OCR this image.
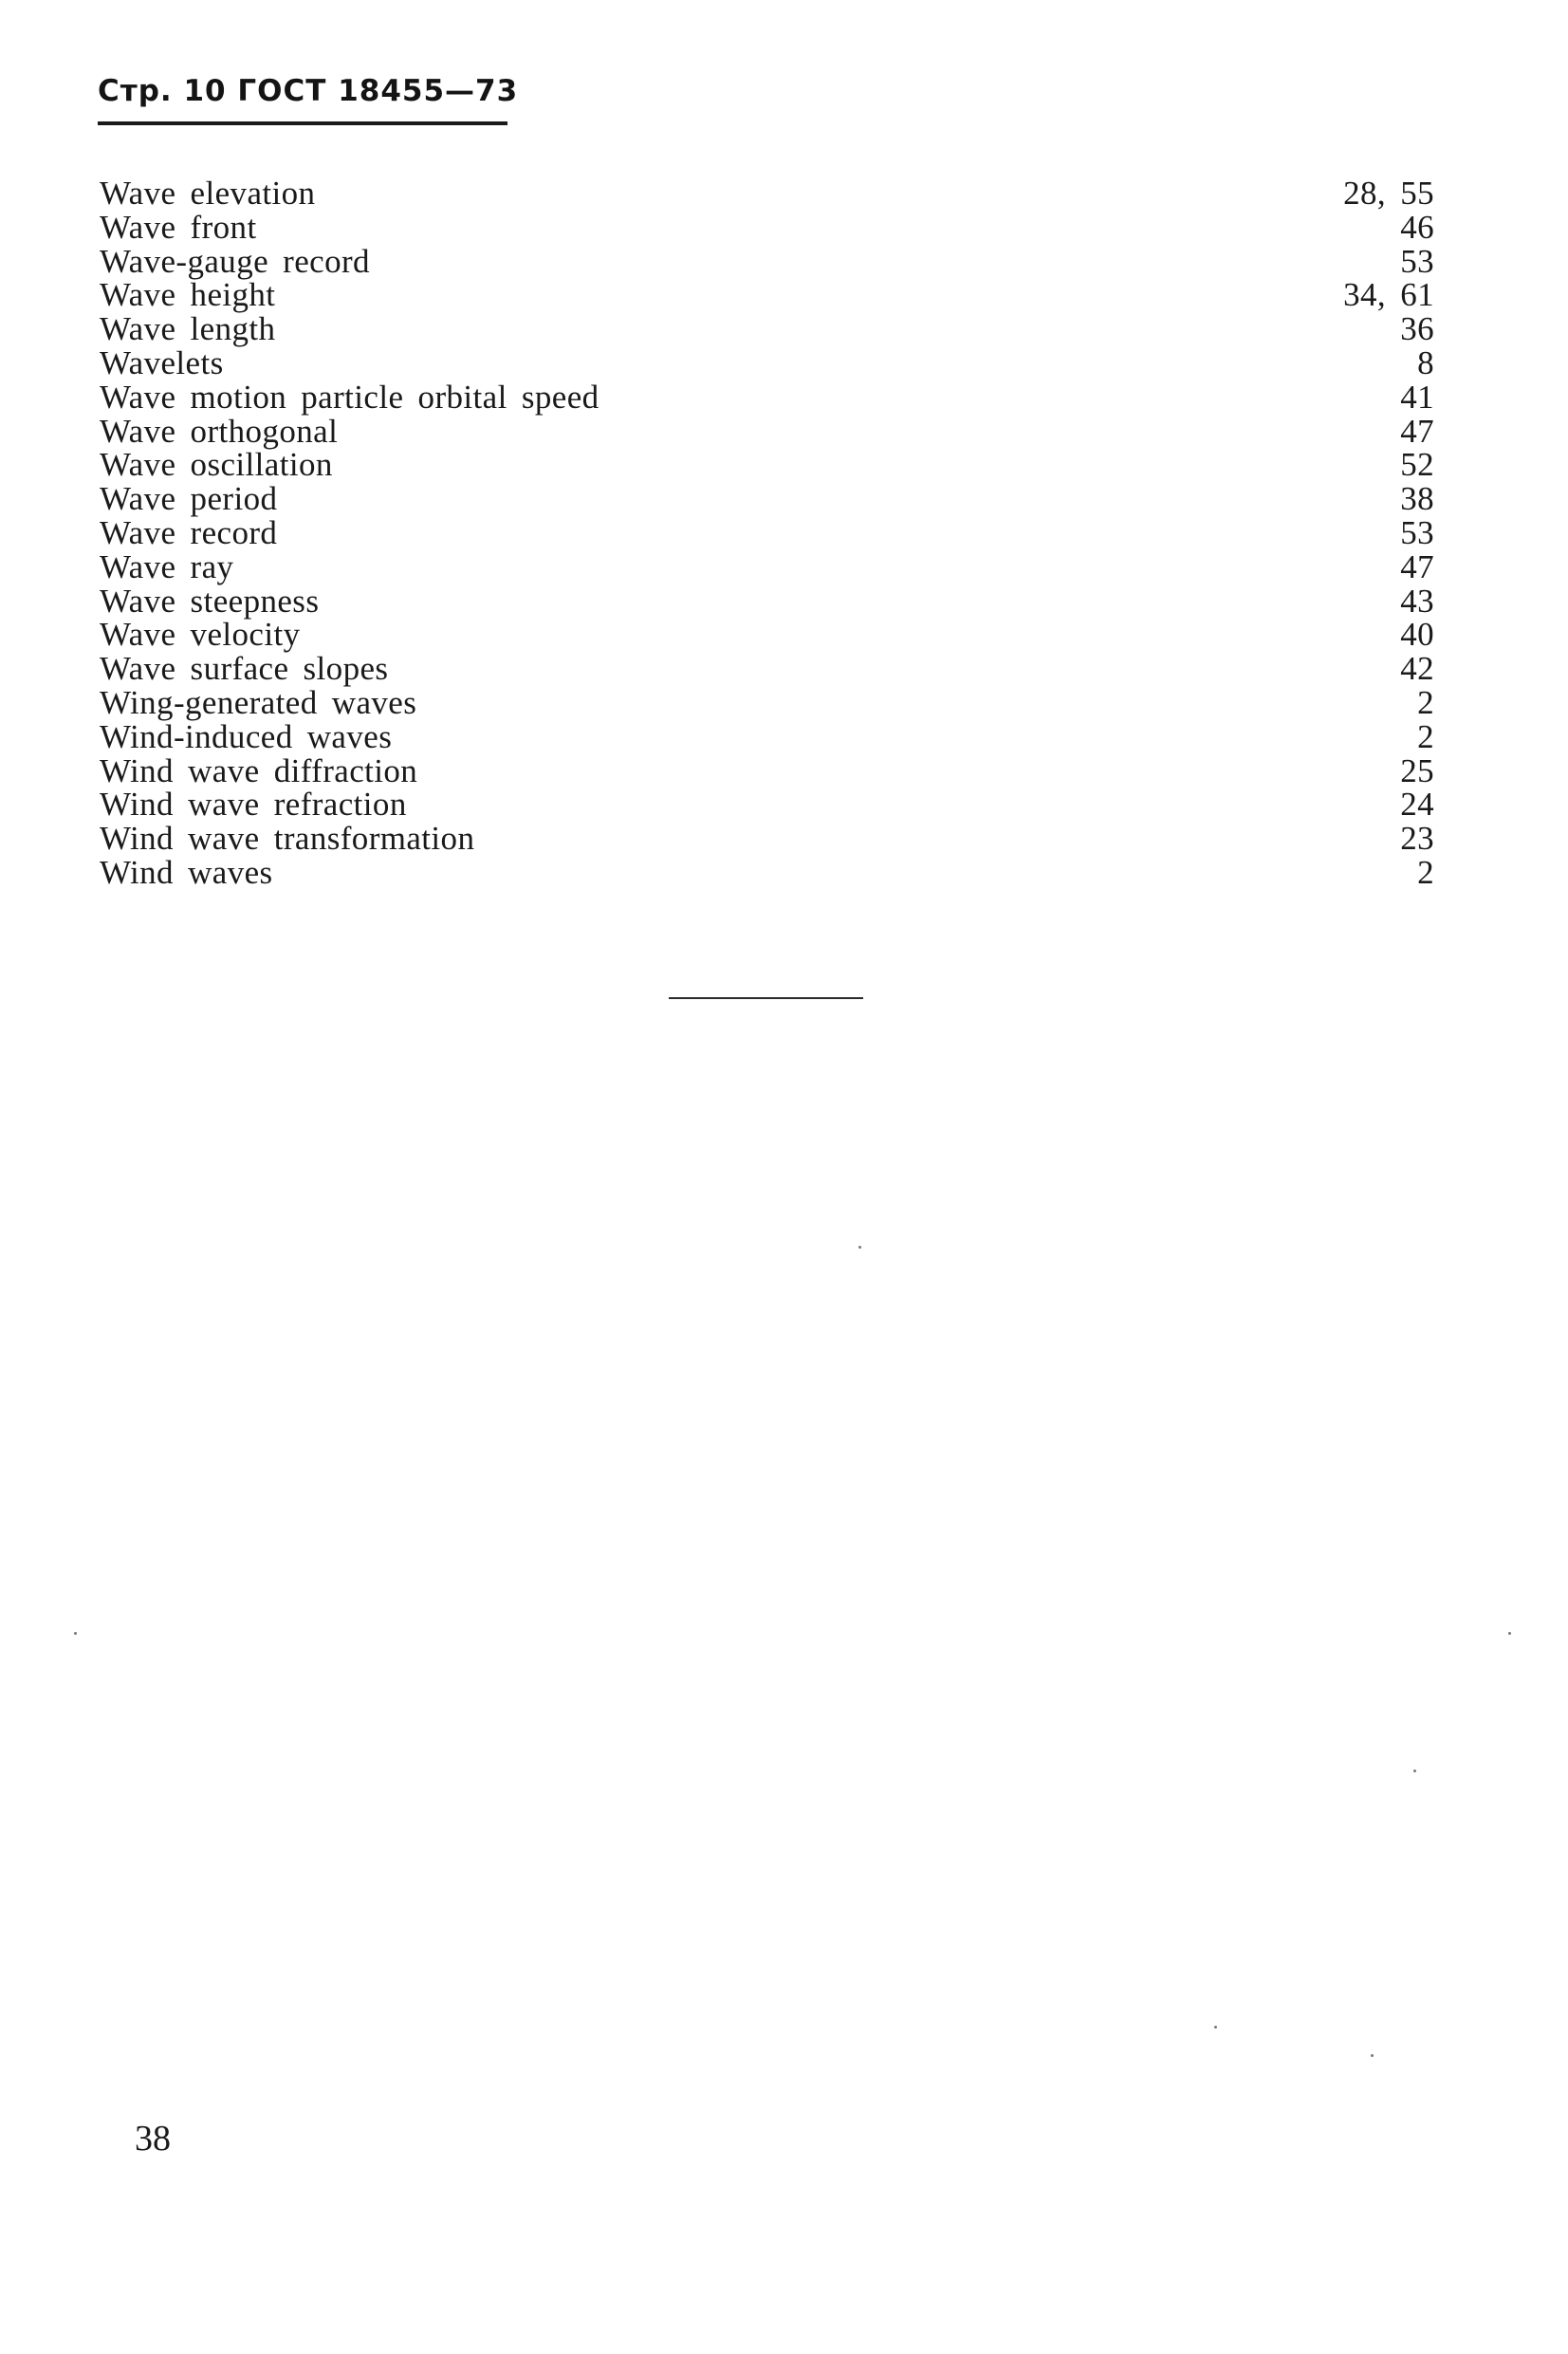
Стр. 10 ГОСТ 18455—73
Wave elevation	28, 55
Wave front	46
Wave-gauge record	53
Wave height	34, 61
Wave length	36
Wavelets	8
Wave motion particle orbital speed	41
Wave orthogonal	47
Wave oscillation	52
Wave period	38
Wave record	53
Wave ray	47
Wave steepness	43
Wave velocity	40
Wave surface slopes	42
Wing-generated waves	2
Wind-induced waves	2
Wind wave diffraction	25
Wind wave refraction	24
Wind wave transformation	23
Wind waves	2
38
